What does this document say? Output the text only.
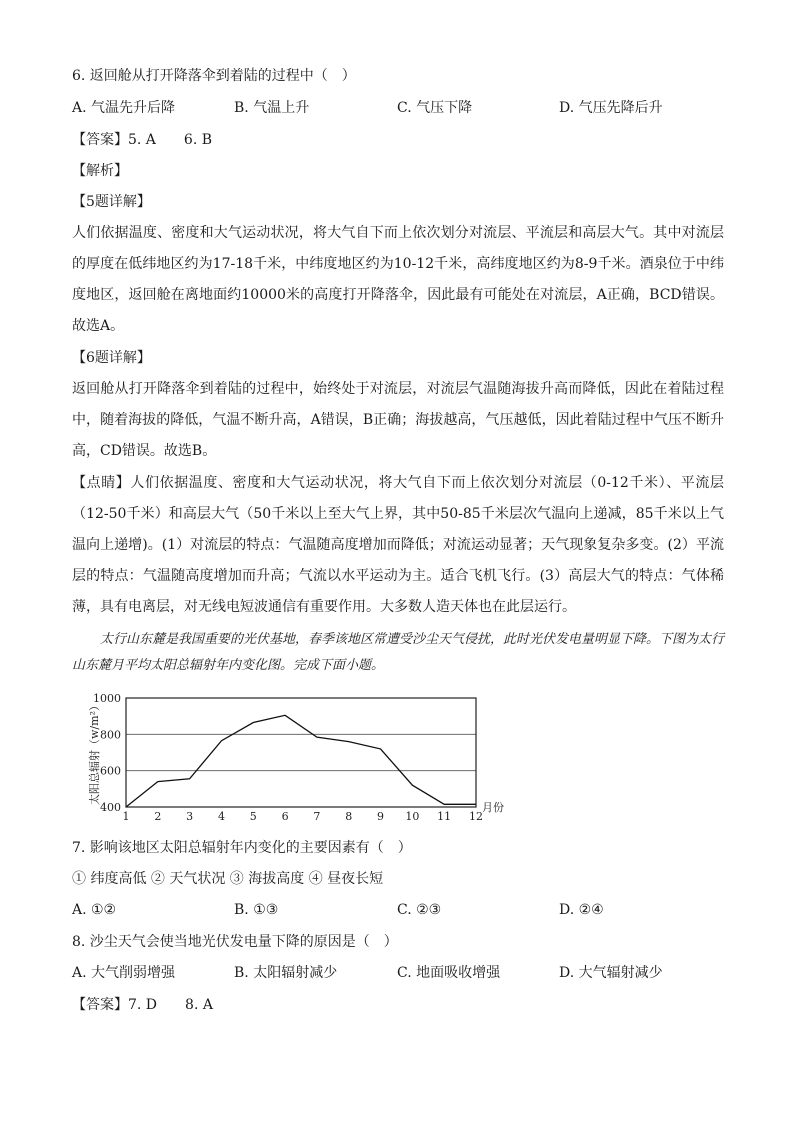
6. 返回舱从打开降落伞到着陆的过程中（　）
A. 气温先升后降	B. 气温上升	C. 气压下降	D. 气压先降后升
【答案】5. A　　6. B
【解析】
【5题详解】
人们依据温度、密度和大气运动状况，将大气自下而上依次划分对流层、平流层和高层大气。其中对流层的厚度在低纬地区约为17-18千米，中纬度地区约为10-12千米，高纬度地区约为8-9千米。酒泉位于中纬度地区，返回舱在离地面约10000米的高度打开降落伞，因此最有可能处在对流层，A正确，BCD错误。故选A。
【6题详解】
返回舱从打开降落伞到着陆的过程中，始终处于对流层，对流层气温随海拔升高而降低，因此在着陆过程中，随着海拔的降低，气温不断升高，A错误，B正确；海拔越高，气压越低，因此着陆过程中气压不断升高，CD错误。故选B。
【点睛】人们依据温度、密度和大气运动状况，将大气自下而上依次划分对流层（0-12千米）、平流层（12-50千米）和高层大气（50千米以上至大气上界，其中50-85千米层次气温向上递减，85千米以上气温向上递增)。(1）对流层的特点：气温随高度增加而降低；对流运动显著；天气现象复杂多变。(2）平流层的特点：气温随高度增加而升高；气流以水平运动为主。适合飞机飞行。(3）高层大气的特点：气体稀薄，具有电离层，对无线电短波通信有重要作用。大多数人造天体也在此层运行。
太行山东麓是我国重要的光伏基地，春季该地区常遭受沙尘天气侵扰，此时光伏发电量明显下降。下图为太行山东麓月平均太阳总辐射年内变化图。完成下面小题。
400
600
800
1000
1 2 3 4 5 6 7 8 9 10 11 12
太阳总辐射（w/m²）
月份
7. 影响该地区太阳总辐射年内变化的主要因素有（　）
① 纬度高低 ② 天气状况 ③ 海拔高度 ④ 昼夜长短
A. ①②	B. ①③	C. ②③	D. ②④
8. 沙尘天气会使当地光伏发电量下降的原因是（　）
A. 大气削弱增强	B. 太阳辐射减少	C. 地面吸收增强	D. 大气辐射减少
【答案】7. D　　8. A
